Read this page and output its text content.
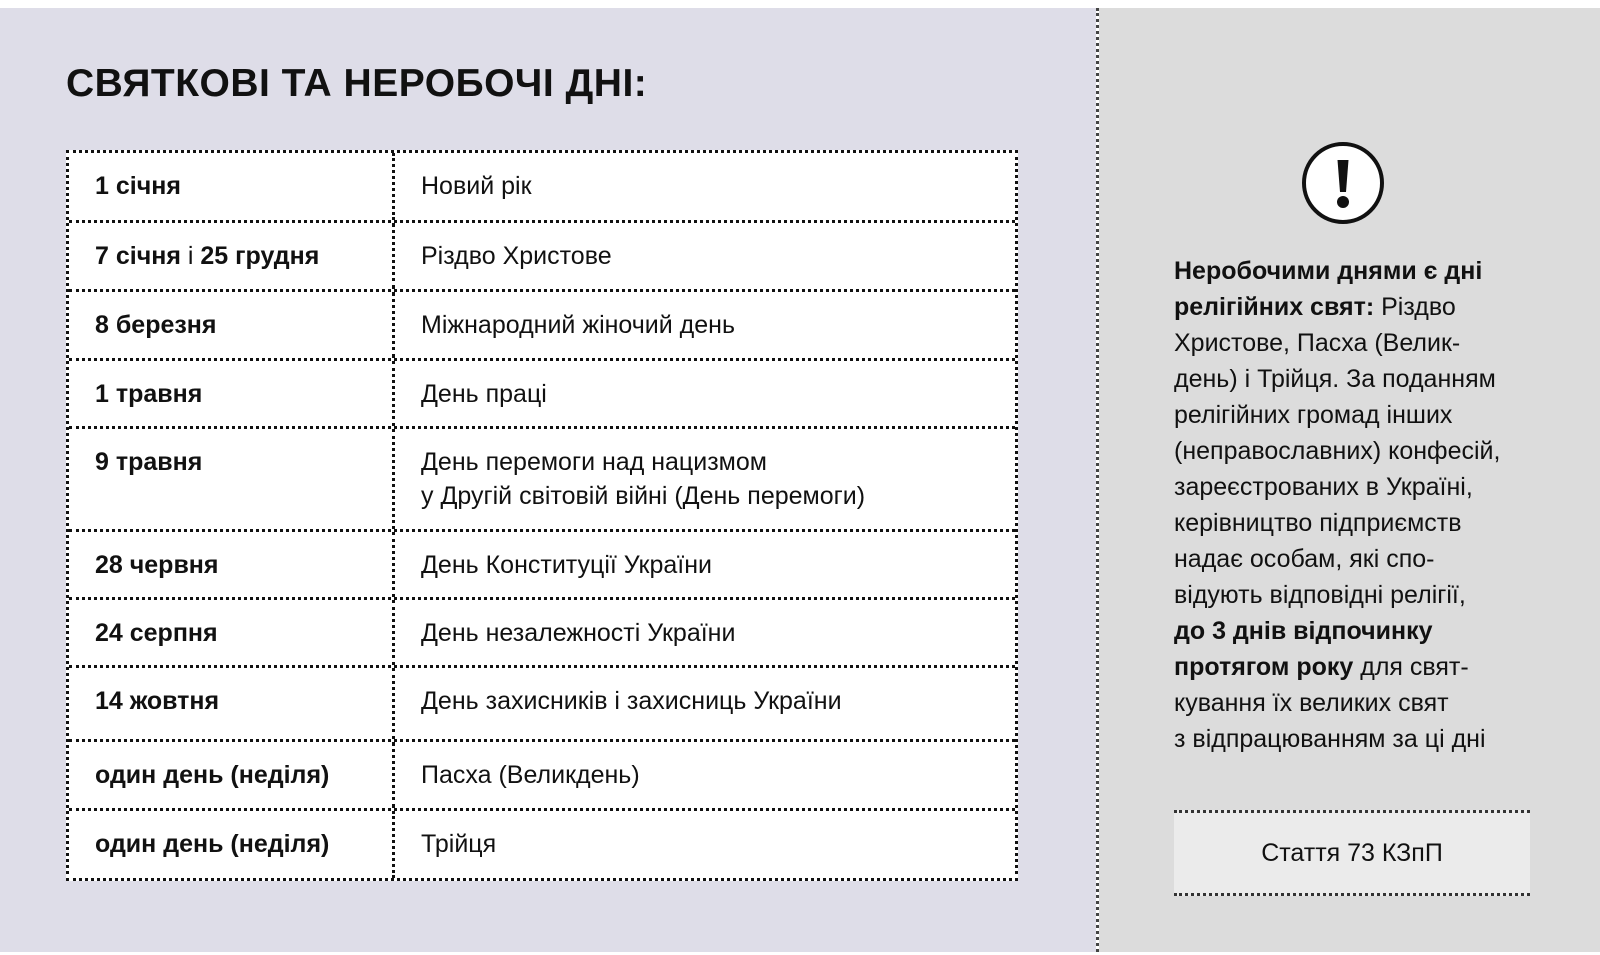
СВЯТКОВІ ТА НЕРОБОЧІ ДНІ:
1 січня	Новий рік
7 січня і 25 грудня	Різдво Христове
8 березня	Міжнародний жіночий день
1 травня	День праці
9 травня	День перемоги над нацизмом
у Другій світовій війні (День перемоги)
28 червня	День Конституції України
24 серпня	День незалежності України
14 жовтня	День захисників і захисниць України
один день (неділя)	Пасха (Великдень)
один день (неділя)	Трійця

Неробочими днями є дні
релігійних свят: Різдво
Христове, Пасха (Велик-
день) і Трійця. За поданням
релігійних громад інших
(неправославних) конфесій,
зареєстрованих в Україні,
керівництво підприємств
надає особам, які спо-
відують відповідні релігії,
до 3 днів відпочинку
протягом року для свят-
кування їх великих свят
з відпрацюванням за ці дні

Стаття 73 КЗпП
